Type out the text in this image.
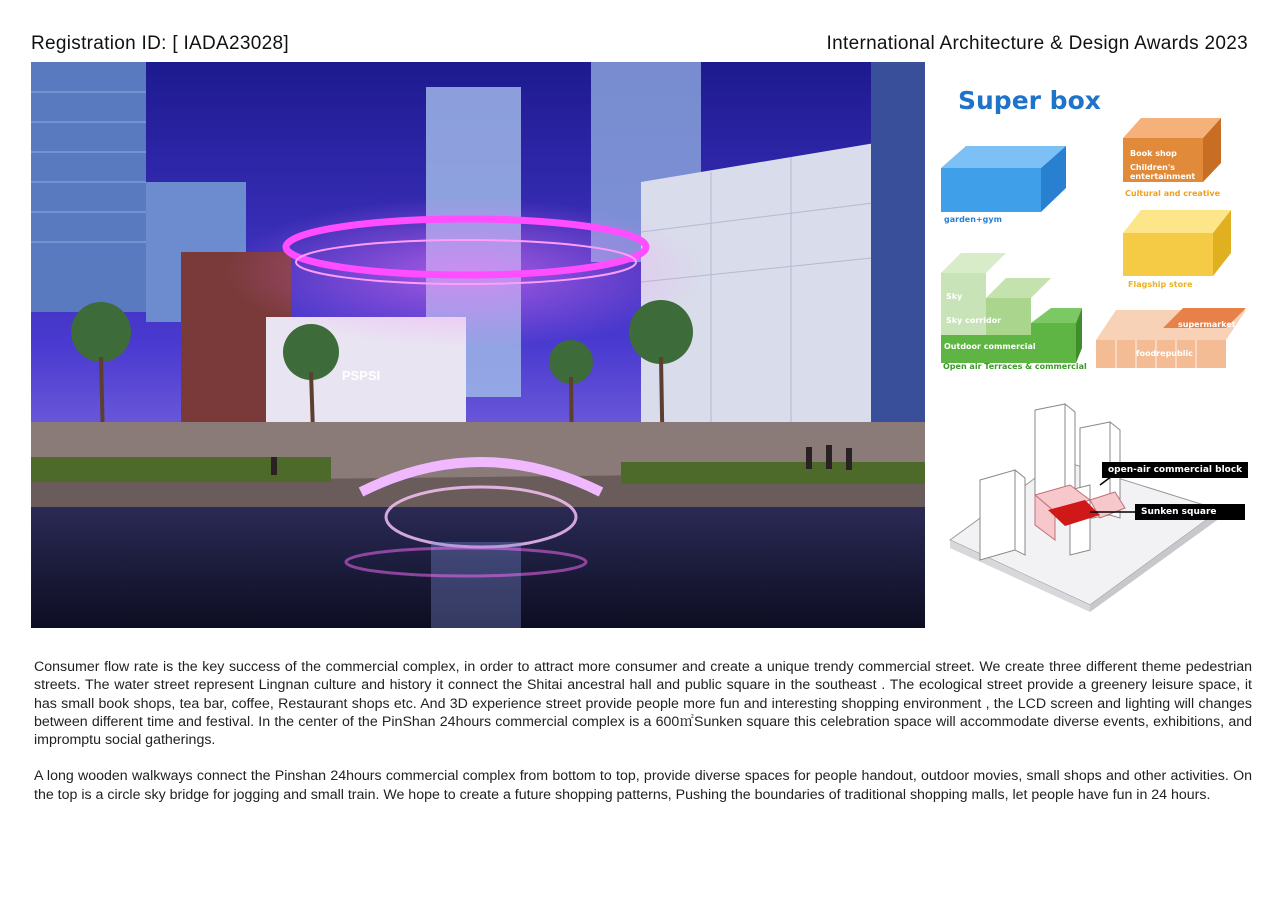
Registration ID: [ IADA23028]	International Architecture & Design Awards 2023
PSPSI
Super box
garden+gym
Book shop
Children's entertainment
Cultural and creative
Flagship store
Sky
Sky corridor
Outdoor commercial
Open air Terraces & commercial
supermarket
foodrepublic
open-air commercial block
Sunken square

Consumer flow rate is the key success of the commercial complex, in order to attract more consumer and create a unique trendy commercial street. We create three different theme pedestrian streets. The water street represent Lingnan culture and history it connect the Shitai ancestral hall and public square in the southeast . The ecological street provide a greenery leisure space, it has small book shops, tea bar, coffee, Restaurant shops etc. And 3D experience street provide people more fun and interesting shopping environment , the LCD screen and lighting will changes between different time and festival. In the center of the PinShan 24hours commercial complex is a 600㎡Sunken square this celebration space will accommodate diverse events, exhibitions, and impromptu social gatherings.

A long wooden walkways connect the Pinshan 24hours commercial complex from bottom to top, provide diverse spaces for people handout, outdoor movies, small shops and other activities. On the top is a circle sky bridge for jogging and small train. We hope to create a future shopping patterns, Pushing the boundaries of traditional shopping malls, let people have fun in 24 hours.
